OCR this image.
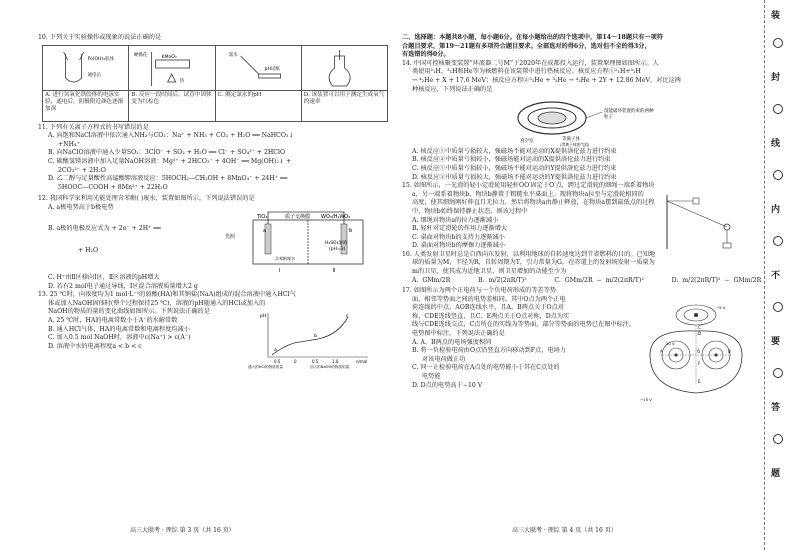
10. 下列关于实验操作或现象的说法正确的是

Fe(OH)₃胶体
通电后
A. 进行氢氧化铁胶体的电泳实验，通电后，阴极附近颜色逐渐加深
硬棉花	KMnO₄
热
B. 反应一段时间后，试管中固体变为红棕色
氯水
pH试纸
C. 测定氯水的pH	D. 该装置可以用于测定生成氧气的速率

11. 下列有关离子方程式的书写错误的是

A. 向饱和NaCl溶液中依次通入NH₃与CO₂：Na⁺ + NH₃ + CO₂ + H₂O ══ NaHCO₃↓

+NH₄⁺

B. 向NaClO溶液中通入少量SO₂：3ClO⁻ + SO₂ + H₂O ══ Cl⁻ + SO₄²⁻ + 2HClO

C. 碳酸氢镁溶液中加入足量NaOH溶液：Mg²⁺ + 2HCO₃⁻ + 4OH⁻ ══ Mg(OH)₂↓ +

2CO₃²⁻ + 2H₂O

D. 乙二醇与足量酸性高锰酸钾溶液反应：5HOCH₂—CH₂OH + 8MnO₄⁻ + 24H⁺ ══

5HOOC—COOH + 8Mn²⁺ + 22H₂O

12. 我国科学家利用光能处理含苯酚( )废水，装置如图所示。下列说法错误的是

A. a极电势高于b极电势

B. a极的电极反应式为 + 2e⁻ + 2H⁺ ══

+ H₂O

TiO₂	质子交换膜 WO₃/H₂WO₃
H₂SO₄溶液
(pH=3)
Ⅰ	Ⅱ
光照
含苯酚废水
a	b

C. H⁺由Ⅱ区移向Ⅰ区，Ⅱ区溶液的pH增大

D. 若有2 mol电子通过导线，Ⅰ区混合溶液质量增大2 g

13. 25 ℃时，向浓度均为1 mol·L⁻¹的弱酸(HA)和其钠盐(NaA)组成的混合溶液中通入HCl气

体或加入NaOH固体时(整个过程保持25 ℃)，溶液的pH随通入的HCl或加入的

NaOH的物质的量的变化曲线如图所示。下列说法正确的是

A. 25 ℃时，HA的电离常数小于A⁻的水解常数

B. 通入HCl气体，HA的电离常数和电离程度均减小

C. 加入0.5 mol NaOH时，溶液中c(Na⁺) > c(A⁻)

D. 溶液中水的电离程度a < b < c

pH
a
b
c
n/mol
0.5	0	0.5	1.0
通入的HCl的物质的量	加入的NaOH的物质的量
高三大联考 · 理综 第 3 页（共 16 页）

二、选择题：本题共8小题，每小题6分。在每小题给出的四个选项中，第14～18题只有一项符

合题目要求，第19～21题有多项符合题目要求。全部选对的得6分，选对但不全的得3分，

有选错的得0分。

14. 中国可控核聚变装置“环流器二号M”于2020年在成都投入运行，装置原理图如图所示。人

类使用²₁H、³₁H和He等为核燃料在该装置中进行热核反应。核反应方程①²₁H+³₁H

→ ⁴₂He + X + 17.6 MeV；核反应方程②³₂He + ³₂He → ⁴₂He + 2Y + 12.86 MeV，对比这两

种核反应，下列说法正确的是

真空室	等离子体
(等离子体的气流)
没能破坏装置约束的两种
粒子

A. 核反应①中质量亏损较大，强磁场不能对运动的X提供洛伦兹力进行约束

B. 核反应②中质量亏损较小，强磁场能对运动的X提供洛伦兹力进行约束

C. 核反应①中质量亏损较小，强磁场不能对运动的Y提供洛伦兹力进行约束

D. 核反应②中质量亏损较大，强磁场不能对运动的Y提供洛伦兹力进行约束

15. 如图所示，一光滑的轻小定滑轮用轻杆OO′固定于O′点，跨过定滑轮的细绳一端系着物块

a，另一端系着物块b，物块b静置于粗糙水平桌面上。现将物块a拉至与定滑轮相同的

高度，使其细绳刚好伸直且无拉力，然后将物块a由静止释放，在物块a摆到最低点的过程

中，物块b始终保持静止状态，则该过程中

A. 细绳对物块a的拉力逐渐减小

B. 轻杆对定滑轮的作用力逐渐增大

C. 桌面对物块b的支持力逐渐减小

D. 桌面对物块b的摩擦力逐渐减小

16. 人类发射卫星时总是自西向东发射，以利用地球的自转速度达到节省燃料的目的。已知地

球的质量为M，半径为R，自转周期为T，引力常量为G，在赤道上的发射场发射一质量为

m的卫星，使其成为近地卫星，则卫星增加的动能至少为

A. GMm/2R	B. m/2(2πR/T)²	C. GMm/2R − m/2(2πR/T)²	D. m/2(2πR/T)² − GMm/2R

17. 如图所示为两个正电荷与一个负电荷形成的等差等势

面，相邻等势面之间的电势差相同。其中O点为两个正电

荷连线的中点，AOB连线水平，且A、B两点关于O点对

称，CDE连线竖直，且C、E两点关于O点对称，D点为实

线与CDE连线交点，C点所在的实线为等势面，部分等势面的电势已在图中标注。

电势图中标注。下列说法正确的是

A. A、B两点的电场强度相同

B. 将一负检验电荷由O点沿竖直方向移动到F点，电场力

对该电荷做正功

C. 同一正检验电荷在A点处的电势能小于其在C点处的

电势能

D. D点的电势高于−10 V

A	B
C
D
E
O
F
20 V
−5 V
−15 V
高三大联考 · 理综 第 4 页（共 16 页）
装
封
线
内
不
要
答
题
